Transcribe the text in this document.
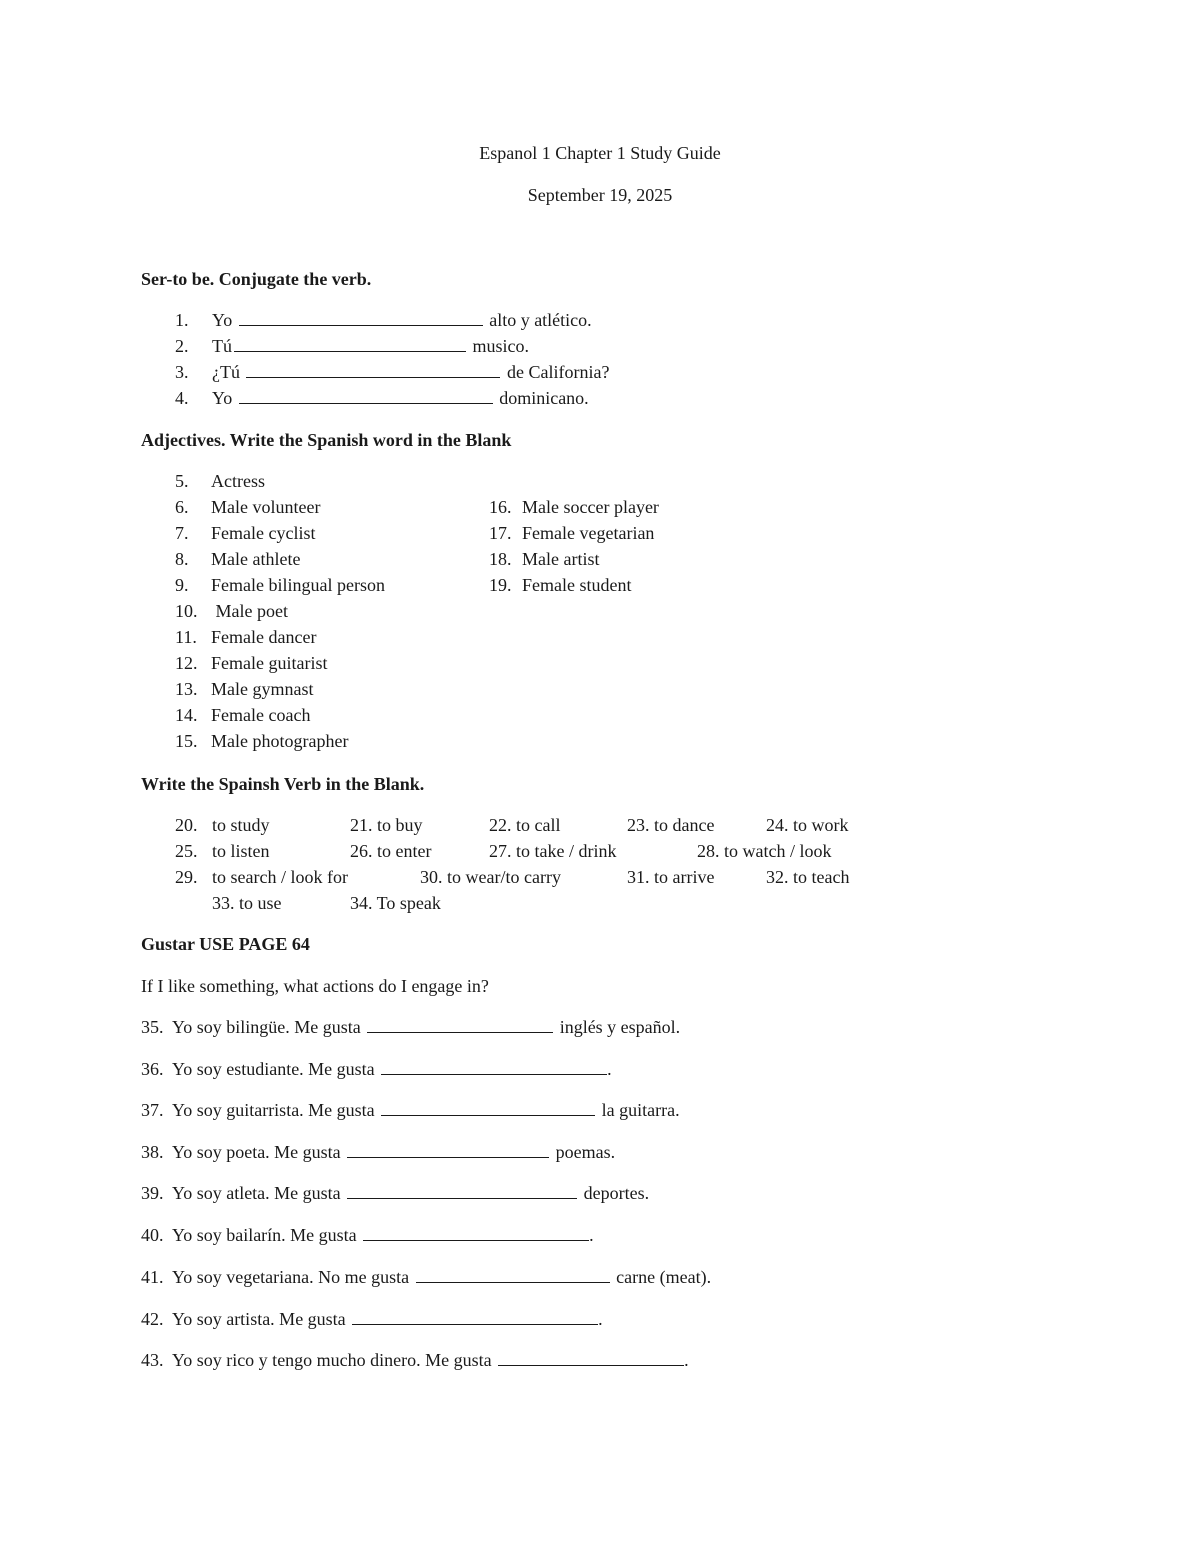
Espanol 1 Chapter 1 Study Guide
September 19, 2025
Ser-to be. Conjugate the verb.
1. Yo	alto y atlético.
2. Tú	musico.
3. ¿Tú	de California?
4. Yo	dominicano.
Adjectives. Write the Spanish word in the Blank
5. Actress
6. Male volunteer
7. Female cyclist
8. Male athlete
9. Female bilingual person
10. Male poet
11. Female dancer
12. Female guitarist
13. Male gymnast
14. Female coach
15. Male photographer
16. Male soccer player
17. Female vegetarian
18. Male artist
19. Female student
Write the Spainsh Verb in the Blank.
20. to study	21. to buy	22. to call	23. to dance	24. to work
25. to listen	26. to enter	27. to take / drink	28. to watch / look
29. to search / look for	30. to wear/to carry	31. to arrive	32. to teach
33. to use	34. To speak
Gustar USE PAGE 64
If I like something, what actions do I engage in?
35. Yo soy bilingüe. Me gusta	inglés y español.
36. Yo soy estudiante. Me gusta	.
37. Yo soy guitarrista. Me gusta	la guitarra.
38. Yo soy poeta. Me gusta	poemas.
39. Yo soy atleta. Me gusta	deportes.
40. Yo soy bailarín. Me gusta	.
41. Yo soy vegetariana. No me gusta	carne (meat).
42. Yo soy artista. Me gusta	.
43. Yo soy rico y tengo mucho dinero. Me gusta	.
